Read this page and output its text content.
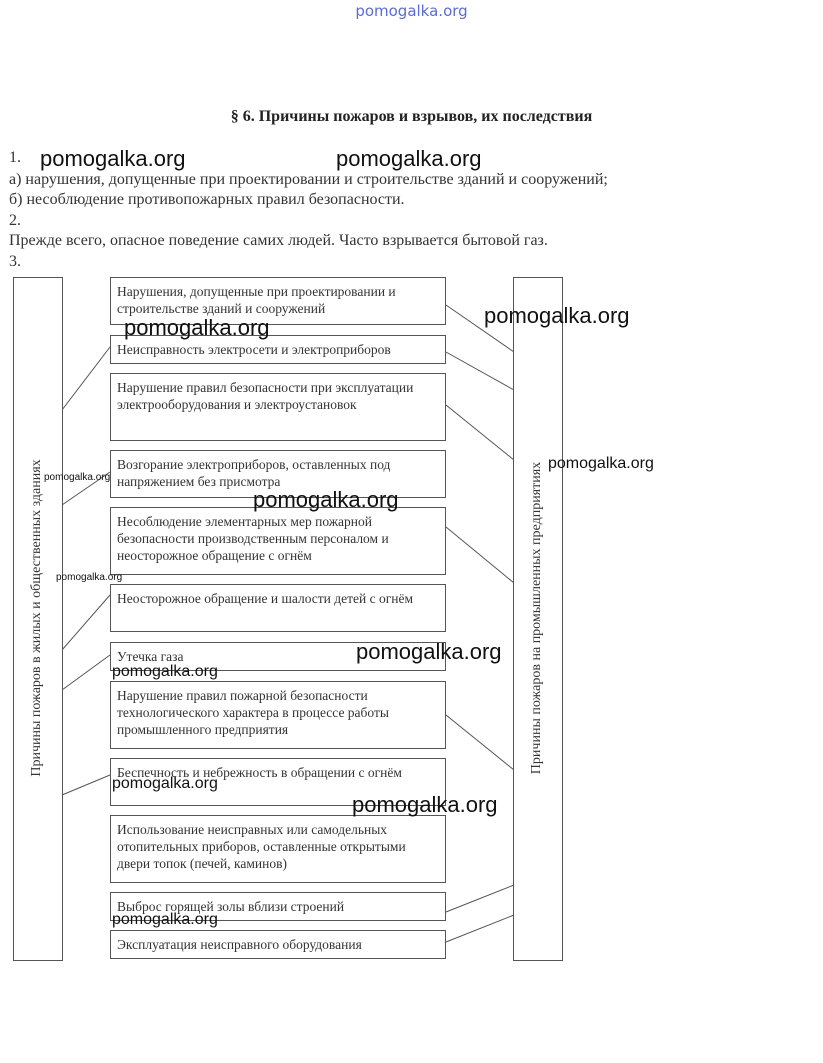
pomogalka.org
§ 6. Причины пожаров и взрывов, их последствия
1.
а) нарушения, допущенные при проектировании и строительстве зданий и сооружений;
б) несоблюдение противопожарных правил безопасности.
2.
Прежде всего, опасное поведение самих людей. Часто взрывается бытовой газ.
3.
Причины пожаров в жилых и общественных зданиях	Причины пожаров на промышленных предприятиях
Нарушения, допущенные при проектировании и строительстве зданий и сооружений
Неисправность электросети и электроприборов
Нарушение правил безопасности при эксплуатации электрооборудования и электроустановок
Возгорание электроприборов, оставленных под напряжением без присмотра
Несоблюдение элементарных мер пожарной безопасности производственным персоналом и неосторожное обращение с огнём
Неосторожное обращение и шалости детей с огнём
Утечка газа
Нарушение правил пожарной безопасности технологического характера в процессе работы промышленного предприятия
Беспечность и небрежность в обращении с огнём
Использование неисправных или самодельных отопительных приборов, оставленные открытыми двери топок (печей, каминов)
Выброс горящей золы вблизи строений
Эксплуатация неисправного оборудования
pomogalka.org	pomogalka.org
pomogalka.org
pomogalka.org
pomogalka.org
pomogalka.org
pomogalka.org
pomogalka.org
pomogalka.org
pomogalka.org
pomogalka.org
pomogalka.org
pomogalka.org
